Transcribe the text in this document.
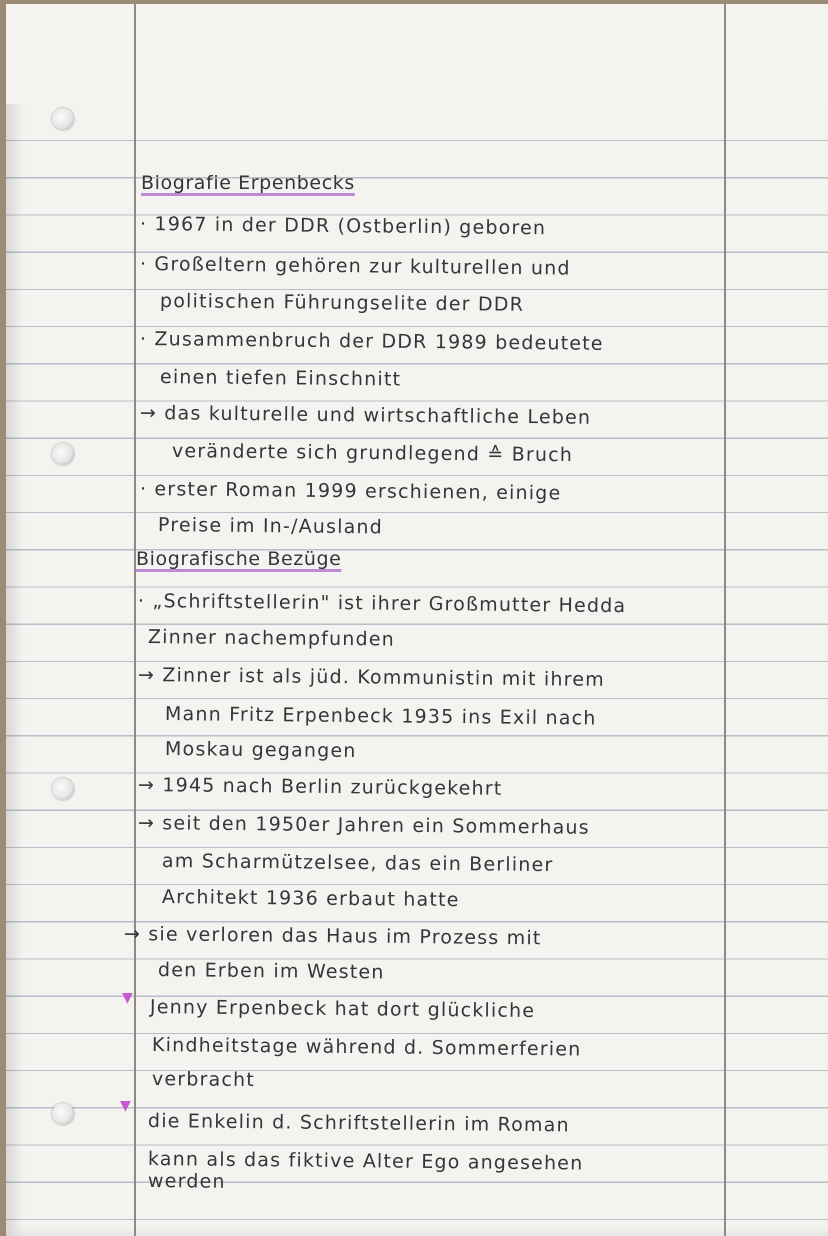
Biografie Erpenbecks
· 1967 in der DDR (Ostberlin) geboren
· Großeltern gehören zur kulturellen und
politischen Führungselite der DDR
· Zusammenbruch der DDR 1989 bedeutete
einen tiefen Einschnitt
→ das kulturelle und wirtschaftliche Leben
veränderte sich grundlegend ≙ Bruch
· erster Roman 1999 erschienen, einige
Preise im In-/Ausland
Biografische Bezüge
· „Schriftstellerin" ist ihrer Großmutter Hedda
Zinner nachempfunden
→ Zinner ist als jüd. Kommunistin mit ihrem
Mann Fritz Erpenbeck 1935 ins Exil nach
Moskau gegangen
→ 1945 nach Berlin zurückgekehrt
→ seit den 1950er Jahren ein Sommerhaus
am Scharmützelsee, das ein Berliner
Architekt 1936 erbaut hatte
→ sie verloren das Haus im Prozess mit
den Erben im Westen
▼ Jenny Erpenbeck hat dort glückliche
Kindheitstage während d. Sommerferien
verbracht
▼
die Enkelin d. Schriftstellerin im Roman
kann als das fiktive Alter Ego angesehen
werden
